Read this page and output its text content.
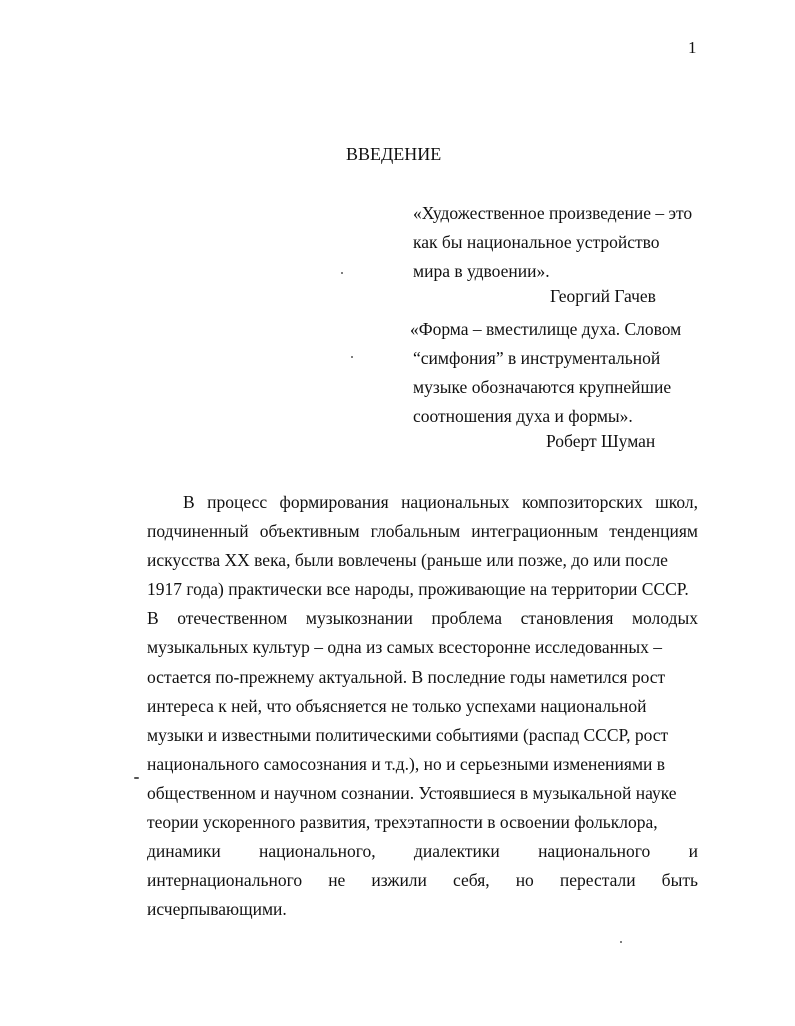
1
ВВЕДЕНИЕ
«Художественное произведение – это
как бы национальное устройство
мира в удвоении».
Георгий Гачев
«Форма – вместилище духа. Словом
“симфония” в инструментальной
музыке обозначаются крупнейшие
соотношения духа и формы».
Роберт Шуман
В процесс формирования национальных композиторских школ,
подчиненный объективным глобальным интеграционным тенденциям
искусства XX века, были вовлечены (раньше или позже, до или после
1917 года) практически все народы, проживающие на территории СССР.
В отечественном музыкознании проблема становления молодых
музыкальных культур – одна из самых всесторонне исследованных –
остается по-прежнему актуальной. В последние годы наметился рост
интереса к ней, что объясняется не только успехами национальной
музыки и известными политическими событиями (распад СССР, рост
национального самосознания и т.д.), но и серьезными изменениями в
общественном и научном сознании. Устоявшиеся в музыкальной науке
теории ускоренного развития, трехэтапности в освоении фольклора,
динамики национального, диалектики национального и
интернационального не изжили себя, но перестали быть
исчерпывающими.
